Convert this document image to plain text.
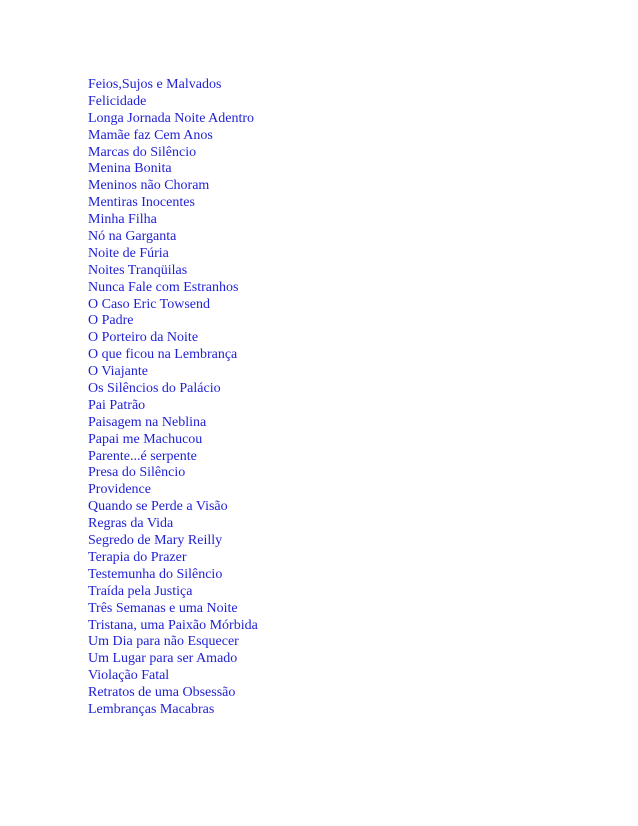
Feios,Sujos e Malvados
Felicidade
Longa Jornada Noite Adentro
Mamãe faz Cem Anos
Marcas do Silêncio
Menina Bonita
Meninos não Choram
Mentiras Inocentes
Minha Filha
Nó na Garganta
Noite de Fúria
Noites Tranqüilas
Nunca Fale com Estranhos
O Caso Eric Towsend
O Padre
O Porteiro da Noite
O que ficou na Lembrança
O Viajante
Os Silêncios do Palácio
Pai Patrão
Paisagem na Neblina
Papai me Machucou
Parente...é serpente
Presa do Silêncio
Providence
Quando se Perde a Visão
Regras da Vida
Segredo de Mary Reilly
Terapia do Prazer
Testemunha do Silêncio
Traída pela Justiça
Três Semanas e uma Noite
Tristana, uma Paixão Mórbida
Um Dia para não Esquecer
Um Lugar para ser Amado
Violação Fatal
Retratos de uma Obsessão
Lembranças Macabras
